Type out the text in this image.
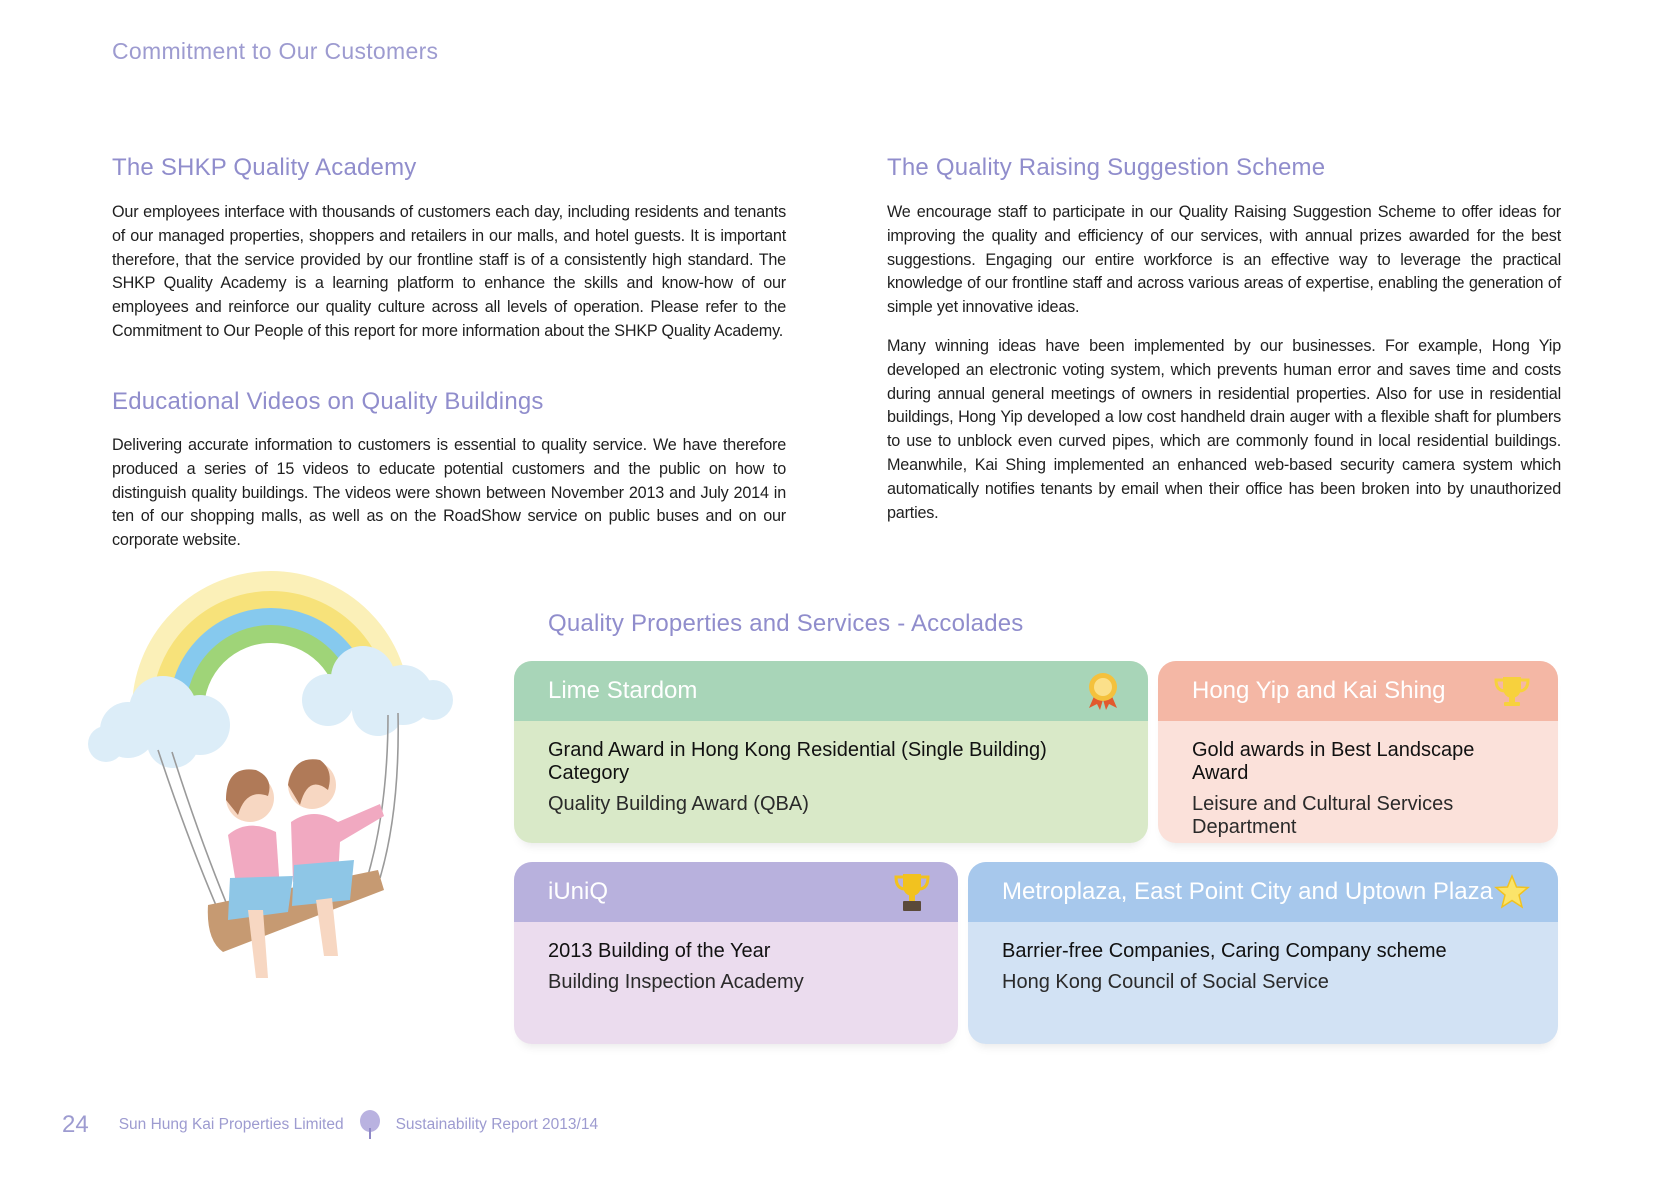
Commitment to Our Customers
The SHKP Quality Academy

Our employees interface with thousands of customers each day, including residents and tenants of our managed properties, shoppers and retailers in our malls, and hotel guests. It is important therefore, that the service provided by our frontline staff is of a consistently high standard. The SHKP Quality Academy is a learning platform to enhance the skills and know-how of our employees and reinforce our quality culture across all levels of operation. Please refer to the Commitment to Our People of this report for more information about the SHKP Quality Academy.

Educational Videos on Quality Buildings

Delivering accurate information to customers is essential to quality service. We have therefore produced a series of 15 videos to educate potential customers and the public on how to distinguish quality buildings. The videos were shown between November 2013 and July 2014 in ten of our shopping malls, as well as on the RoadShow service on public buses and on our corporate website.

The Quality Raising Suggestion Scheme

We encourage staff to participate in our Quality Raising Suggestion Scheme to offer ideas for improving the quality and efficiency of our services, with annual prizes awarded for the best suggestions. Engaging our entire workforce is an effective way to leverage the practical knowledge of our frontline staff and across various areas of expertise, enabling the generation of simple yet innovative ideas.

Many winning ideas have been implemented by our businesses. For example, Hong Yip developed an electronic voting system, which prevents human error and saves time and costs during annual general meetings of owners in residential properties. Also for use in residential buildings, Hong Yip developed a low cost handheld drain auger with a flexible shaft for plumbers to use to unblock even curved pipes, which are commonly found in local residential buildings. Meanwhile, Kai Shing implemented an enhanced web-based security camera system which automatically notifies tenants by email when their office has been broken into by unauthorized parties.

Quality Properties and Services - Accolades
Lime Stardom
Grand Award in Hong Kong Residential (Single Building) Category
Quality Building Award (QBA)
Hong Yip and Kai Shing
Gold awards in Best Landscape Award
Leisure and Cultural Services Department
iUniQ
2013 Building of the Year
Building Inspection Academy
Metroplaza, East Point City and Uptown Plaza
Barrier-free Companies, Caring Company scheme
Hong Kong Council of Social Service
24 Sun Hung Kai Properties Limited	Sustainability Report 2013/14
